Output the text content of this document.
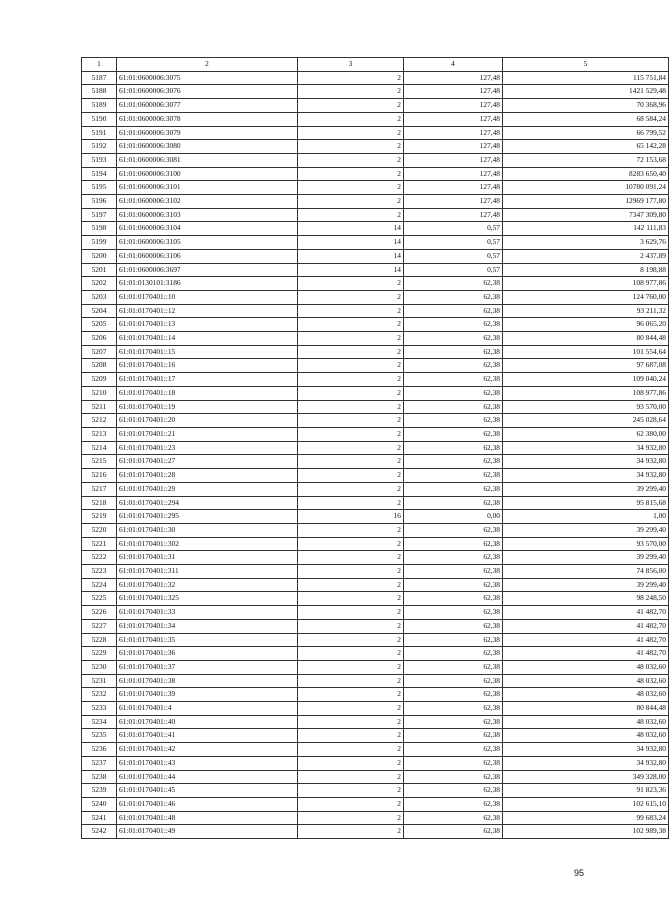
1	2	3	4	5
5187	61:01:0600006:3075	2	127,48	115 751,84
5188	61:01:0600006:3076	2	127,48	1421 529,48
5189	61:01:0600006:3077	2	127,48	70 368,96
5190	61:01:0600006:3078	2	127,48	68 584,24
5191	61:01:0600006:3079	2	127,48	66 799,52
5192	61:01:0600006:3080	2	127,48	65 142,28
5193	61:01:0600006:3081	2	127,48	72 153,68
5194	61:01:0600006:3100	2	127,48	8283 650,40
5195	61:01:0600006:3101	2	127,48	10780 091,24
5196	61:01:0600006:3102	2	127,48	12969 177,80
5197	61:01:0600006:3103	2	127,48	7347 309,80
5198	61:01:0600006:3104	14	0,57	142 111,83
5199	61:01:0600006:3105	14	0,57	3 629,76
5200	61:01:0600006:3106	14	0,57	2 437,89
5201	61:01:0600006:3697	14	0,57	8 198,88
5202	61:01:0130101:3186	2	62,38	108 977,86
5203	61:01:0170401::10	2	62,38	124 760,00
5204	61:01:0170401::12	2	62,38	93 211,32
5205	61:01:0170401::13	2	62,38	96 065,20
5206	61:01:0170401::14	2	62,38	80 844,48
5207	61:01:0170401::15	2	62,38	101 554,64
5208	61:01:0170401::16	2	62,38	97 687,08
5209	61:01:0170401::17	2	62,38	109 040,24
5210	61:01:0170401::18	2	62,38	108 977,86
5211	61:01:0170401::19	2	62,38	93 570,00
5212	61:01:0170401::20	2	62,38	245 028,64
5213	61:01:0170401::21	2	62,38	62 380,00
5214	61:01:0170401::23	2	62,38	34 932,80
5215	61:01:0170401::27	2	62,38	34 932,80
5216	61:01:0170401::28	2	62,38	34 932,80
5217	61:01:0170401::29	2	62,38	39 299,40
5218	61:01:0170401::294	2	62,38	95 815,68
5219	61:01:0170401::295	16	0,00	1,00
5220	61:01:0170401::30	2	62,38	39 299,40
5221	61:01:0170401::302	2	62,38	93 570,00
5222	61:01:0170401::31	2	62,38	39 299,40
5223	61:01:0170401::311	2	62,38	74 856,00
5224	61:01:0170401::32	2	62,38	39 299,40
5225	61:01:0170401::325	2	62,38	98 248,50
5226	61:01:0170401::33	2	62,38	41 482,70
5227	61:01:0170401::34	2	62,38	41 482,70
5228	61:01:0170401::35	2	62,38	41 482,70
5229	61:01:0170401::36	2	62,38	41 482,70
5230	61:01:0170401::37	2	62,38	48 032,60
5231	61:01:0170401::38	2	62,38	48 032,60
5232	61:01:0170401::39	2	62,38	48 032,60
5233	61:01:0170401::4	2	62,38	80 844,48
5234	61:01:0170401::40	2	62,38	48 032,60
5235	61:01:0170401::41	2	62,38	48 032,60
5236	61:01:0170401::42	2	62,38	34 932,80
5237	61:01:0170401::43	2	62,38	34 932,80
5238	61:01:0170401::44	2	62,38	349 328,00
5239	61:01:0170401::45	2	62,38	91 823,36
5240	61:01:0170401::46	2	62,38	102 615,10
5241	61:01:0170401::48	2	62,38	99 683,24
5242	61:01:0170401::49	2	62,38	102 989,38
95
